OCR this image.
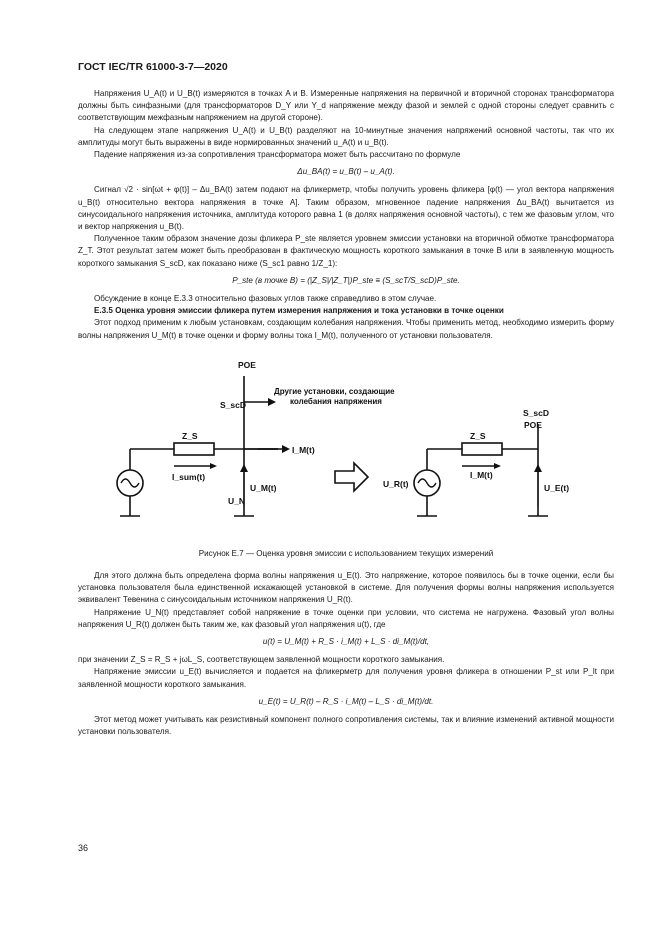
ГОСТ IEC/TR 61000-3-7—2020

Напряжения U_A(t) и U_B(t) измеряются в точках A и B. Измеренные напряжения на первичной и вторичной сторонах трансформатора должны быть синфазными (для трансформаторов D_Y или Y_d напряжение между фазой и землей с одной стороны следует сравнить с соответствующим межфазным напряжением на другой стороне).

На следующем этапе напряжения U_A(t) и U_B(t) разделяют на 10-минутные значения напряжений основной частоты, так что их амплитуды могут быть выражены в виде нормированных значений u_A(t) и u_B(t).

Падение напряжения из-за сопротивления трансформатора может быть рассчитано по формуле

Δu_BA(t) = u_B(t) – u_A(t).

Сигнал √2 · sin[ωt + φ(t)] – Δu_BA(t) затем подают на фликерметр, чтобы получить уровень фликера [φ(t) — угол вектора напряжения u_B(t) относительно вектора напряжения в точке A]. Таким образом, мгновенное падение напряжения Δu_BA(t) вычитается из синусоидального напряжения источника, амплитуда которого равна 1 (в долях напряжения основной частоты), с тем же фазовым углом, что и вектор напряжения u_B(t).

Полученное таким образом значение дозы фликера P_ste является уровнем эмиссии установки на вторичной обмотке трансформатора Z_T. Этот результат затем может быть преобразован в фактическую мощность короткого замыкания в точке B или в заявленную мощность короткого замыкания S_scD, как показано ниже (S_sc1 равно 1/Z_1):

P_ste (в точке B) = (|Z_S|/|Z_T|)P_ste ≡ (S_scT/S_scD)P_ste.

Обсуждение в конце Е.3.3 относительно фазовых углов также справедливо в этом случае.

Е.3.5 Оценка уровня эмиссии фликера путем измерения напряжения и тока установки в точке оценки

Этот подход применим к любым установкам, создающим колебания напряжения. Чтобы применить метод, необходимо измерить форму волны напряжения U_M(t) в точке оценки и форму волны тока I_M(t), полученного от установки пользователя.

POE
Другие установки, создающие
колебания напряжения
S_scD
Z_S
I_M(t)
I_sum(t)
U_M(t)
U_N
S_scD
POE
Z_S
I_M(t)
U_R(t)	U_E(t)
Рисунок Е.7 — Оценка уровня эмиссии с использованием текущих измерений

Для этого должна быть определена форма волны напряжения u_E(t). Это напряжение, которое появилось бы в точке оценки, если бы установка пользователя была единственной искажающей установкой в системе. Для получения формы волны напряжения используется эквивалент Тевенина с синусоидальным источником напряжения U_R(t).

Напряжение U_N(t) представляет собой напряжение в точке оценки при условии, что система не нагружена. Фазовый угол волны напряжения U_R(t) должен быть таким же, как фазовый угол напряжения u(t), где

u(t) = U_M(t) + R_S · i_M(t) + L_S · di_M(t)/dt,

при значении Z_S = R_S + jωL_S, соответствующем заявленной мощности короткого замыкания.

Напряжение эмиссии u_E(t) вычисляется и подается на фликерметр для получения уровня фликера в отношении P_st или P_lt при заявленной мощности короткого замыкания.

u_E(t) = U_R(t) – R_S · i_M(t) – L_S · di_M(t)/dt.

Этот метод может учитывать как резистивный компонент полного сопротивления системы, так и влияние изменений активной мощности установки пользователя.

36
